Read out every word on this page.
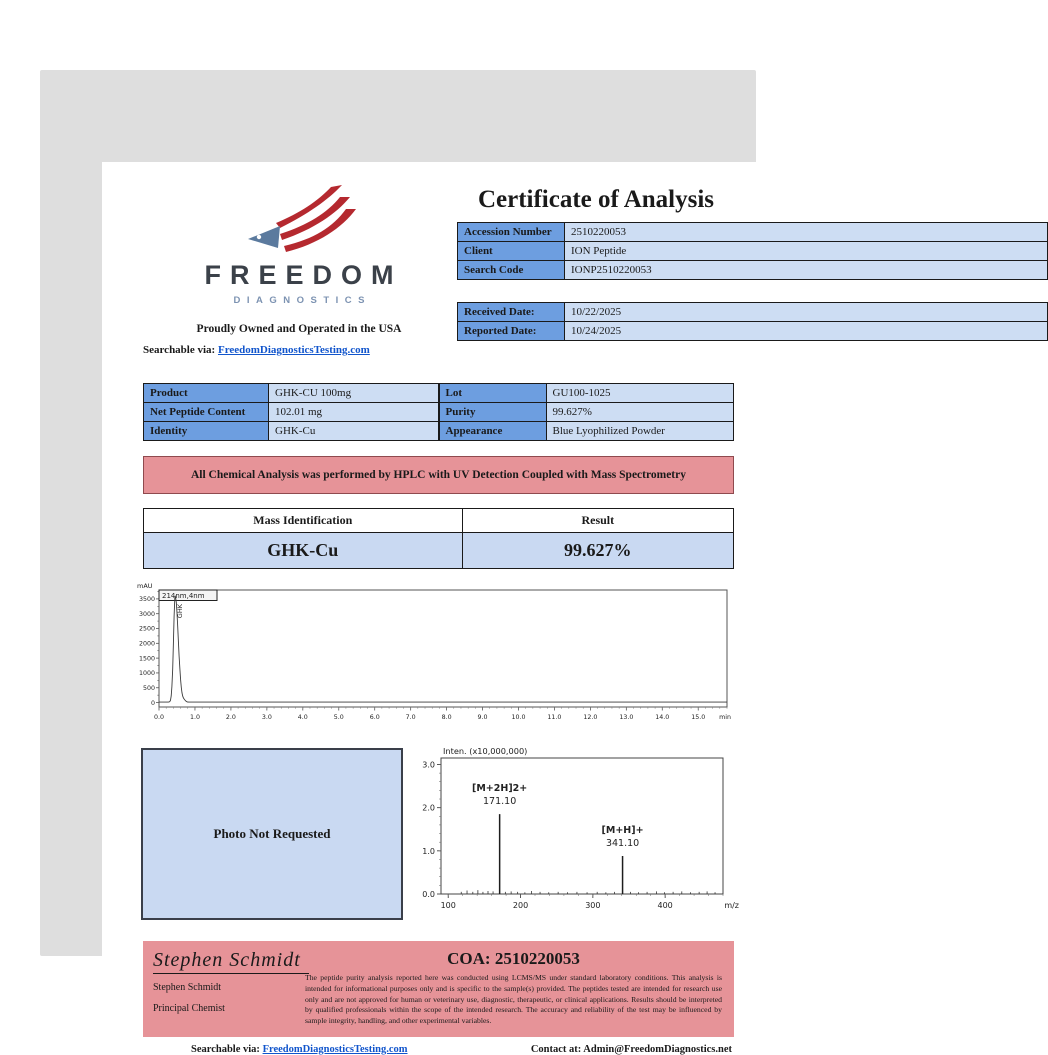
FREEDOM
DIAGNOSTICS
Proudly Owned and Operated in the USA
Searchable via: FreedomDiagnosticsTesting.com
Certificate of Analysis
Accession Number	2510220053
Client	ION Peptide
Search Code	IONP2510220053
Received Date:	10/22/2025
Reported Date:	10/24/2025
Product	GHK-CU 100mg
Net Peptide Content	102.01 mg
Identity	GHK-Cu
Lot	GU100-1025
Purity	99.627%
Appearance	Blue Lyophilized Powder
All Chemical Analysis was performed by HPLC with UV Detection Coupled with Mass Spectrometry
Mass Identification	Result
GHK-Cu	99.627%
mAU
0
500
1000
1500
2000
2500
3000
3500
0.0	1.0	2.0	3.0	4.0	5.0	6.0	7.0	8.0	9.0	10.0	11.0	12.0	13.0	14.0	15.0 min
214nm,4nm
GHK
Photo Not Requested
Inten. (x10,000,000)
0.0
1.0
2.0
3.0
100	200	300	400	m/z
[M+2H]2+
171.10
[M+H]+
341.10
Stephen Schmidt
Stephen Schmidt
Principal Chemist
COA: 2510220053
The peptide purity analysis reported here was conducted using LCMS/MS under standard laboratory conditions. This analysis is intended for informational purposes only and is specific to the sample(s) provided. The peptides tested are intended for research use only and are not approved for human or veterinary use, diagnostic, therapeutic, or clinical applications. Results should be interpreted by qualified professionals within the scope of the intended research. The accuracy and reliability of the test may be influenced by sample integrity, handling, and other experimental variables.
Searchable via: FreedomDiagnosticsTesting.com	Contact at: Admin@FreedomDiagnostics.net
